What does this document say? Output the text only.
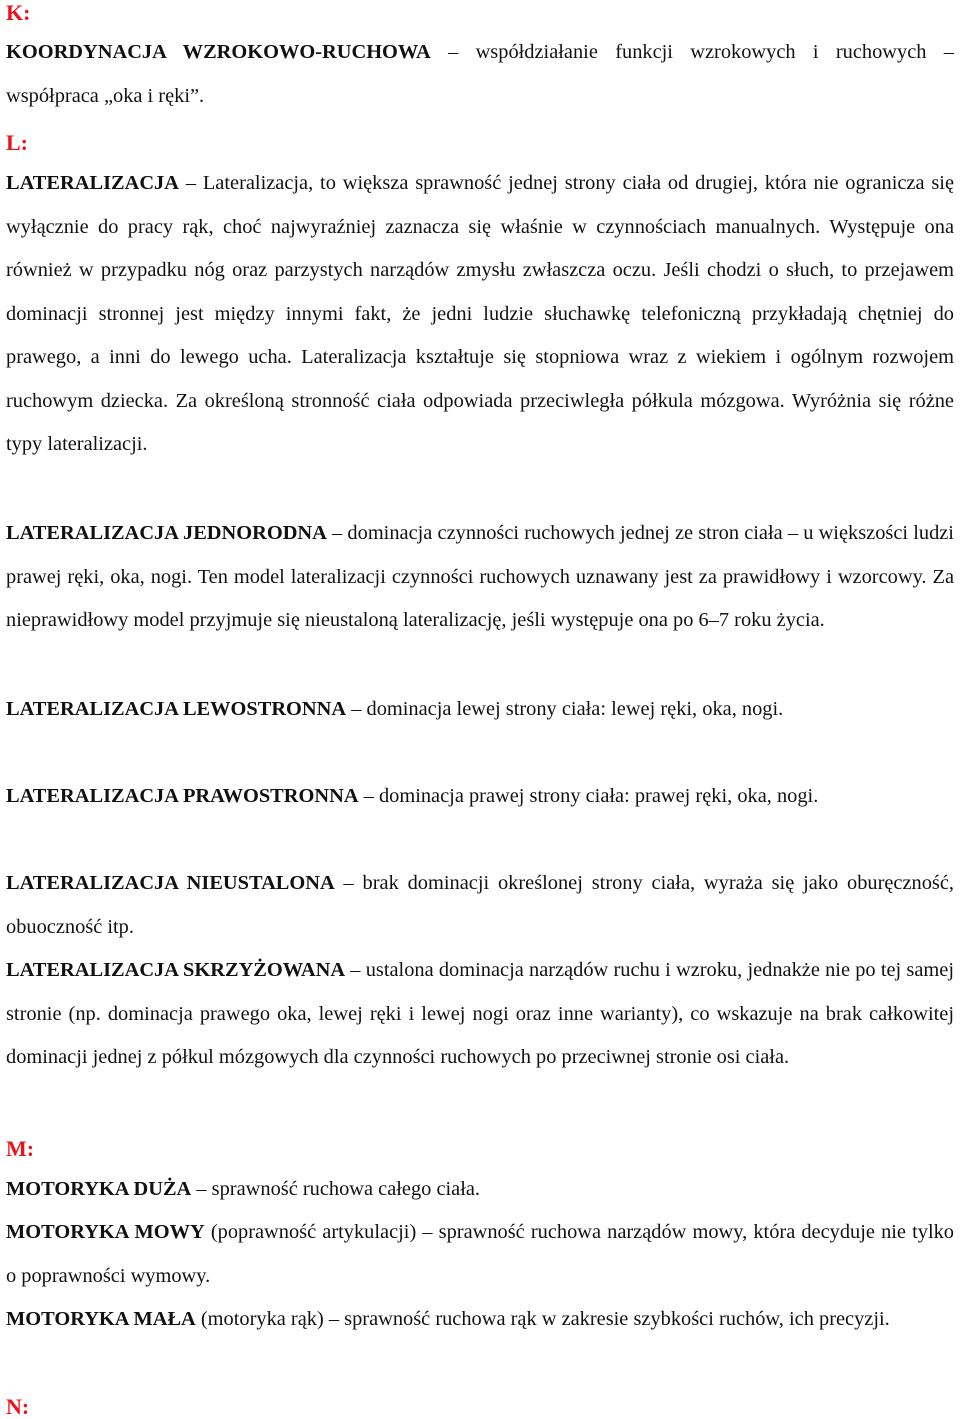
K:

KOORDYNACJA WZROKOWO-RUCHOWA – współdziałanie funkcji wzrokowych i ruchowych – współpraca „oka i ręki”.

L:

LATERALIZACJA – Lateralizacja, to większa sprawność jednej strony ciała od drugiej, która nie ogranicza się wyłącznie do pracy rąk, choć najwyraźniej zaznacza się właśnie w czynnościach manualnych. Występuje ona również w przypadku nóg oraz parzystych narządów zmysłu zwłaszcza oczu. Jeśli chodzi o słuch, to przejawem dominacji stronnej jest między innymi fakt, że jedni ludzie słuchawkę telefoniczną przykładają chętniej do prawego, a inni do lewego ucha. Lateralizacja kształtuje się stopniowa wraz z wiekiem i ogólnym rozwojem ruchowym dziecka. Za określoną stronność ciała odpowiada przeciwległa półkula mózgowa. Wyróżnia się różne typy lateralizacji.

LATERALIZACJA JEDNORODNA – dominacja czynności ruchowych jednej ze stron ciała – u większości ludzi prawej ręki, oka, nogi. Ten model lateralizacji czynności ruchowych uznawany jest za prawidłowy i wzorcowy. Za nieprawidłowy model przyjmuje się nieustaloną lateralizację, jeśli występuje ona po 6–7 roku życia.

LATERALIZACJA LEWOSTRONNA – dominacja lewej strony ciała: lewej ręki, oka, nogi.

LATERALIZACJA PRAWOSTRONNA – dominacja prawej strony ciała: prawej ręki, oka, nogi.

LATERALIZACJA NIEUSTALONA – brak dominacji określonej strony ciała, wyraża się jako oburęczność, obuoczność itp.

LATERALIZACJA SKRZYŻOWANA – ustalona dominacja narządów ruchu i wzroku, jednakże nie po tej samej stronie (np. dominacja prawego oka, lewej ręki i lewej nogi oraz inne warianty), co wskazuje na brak całkowitej dominacji jednej z półkul mózgowych dla czynności ruchowych po przeciwnej stronie osi ciała.

M:

MOTORYKA DUŻA – sprawność ruchowa całego ciała.

MOTORYKA MOWY (poprawność artykulacji) – sprawność ruchowa narządów mowy, która decyduje nie tylko o poprawności wymowy.

MOTORYKA MAŁA (motoryka rąk) – sprawność ruchowa rąk w zakresie szybkości ruchów, ich precyzji.

N:
